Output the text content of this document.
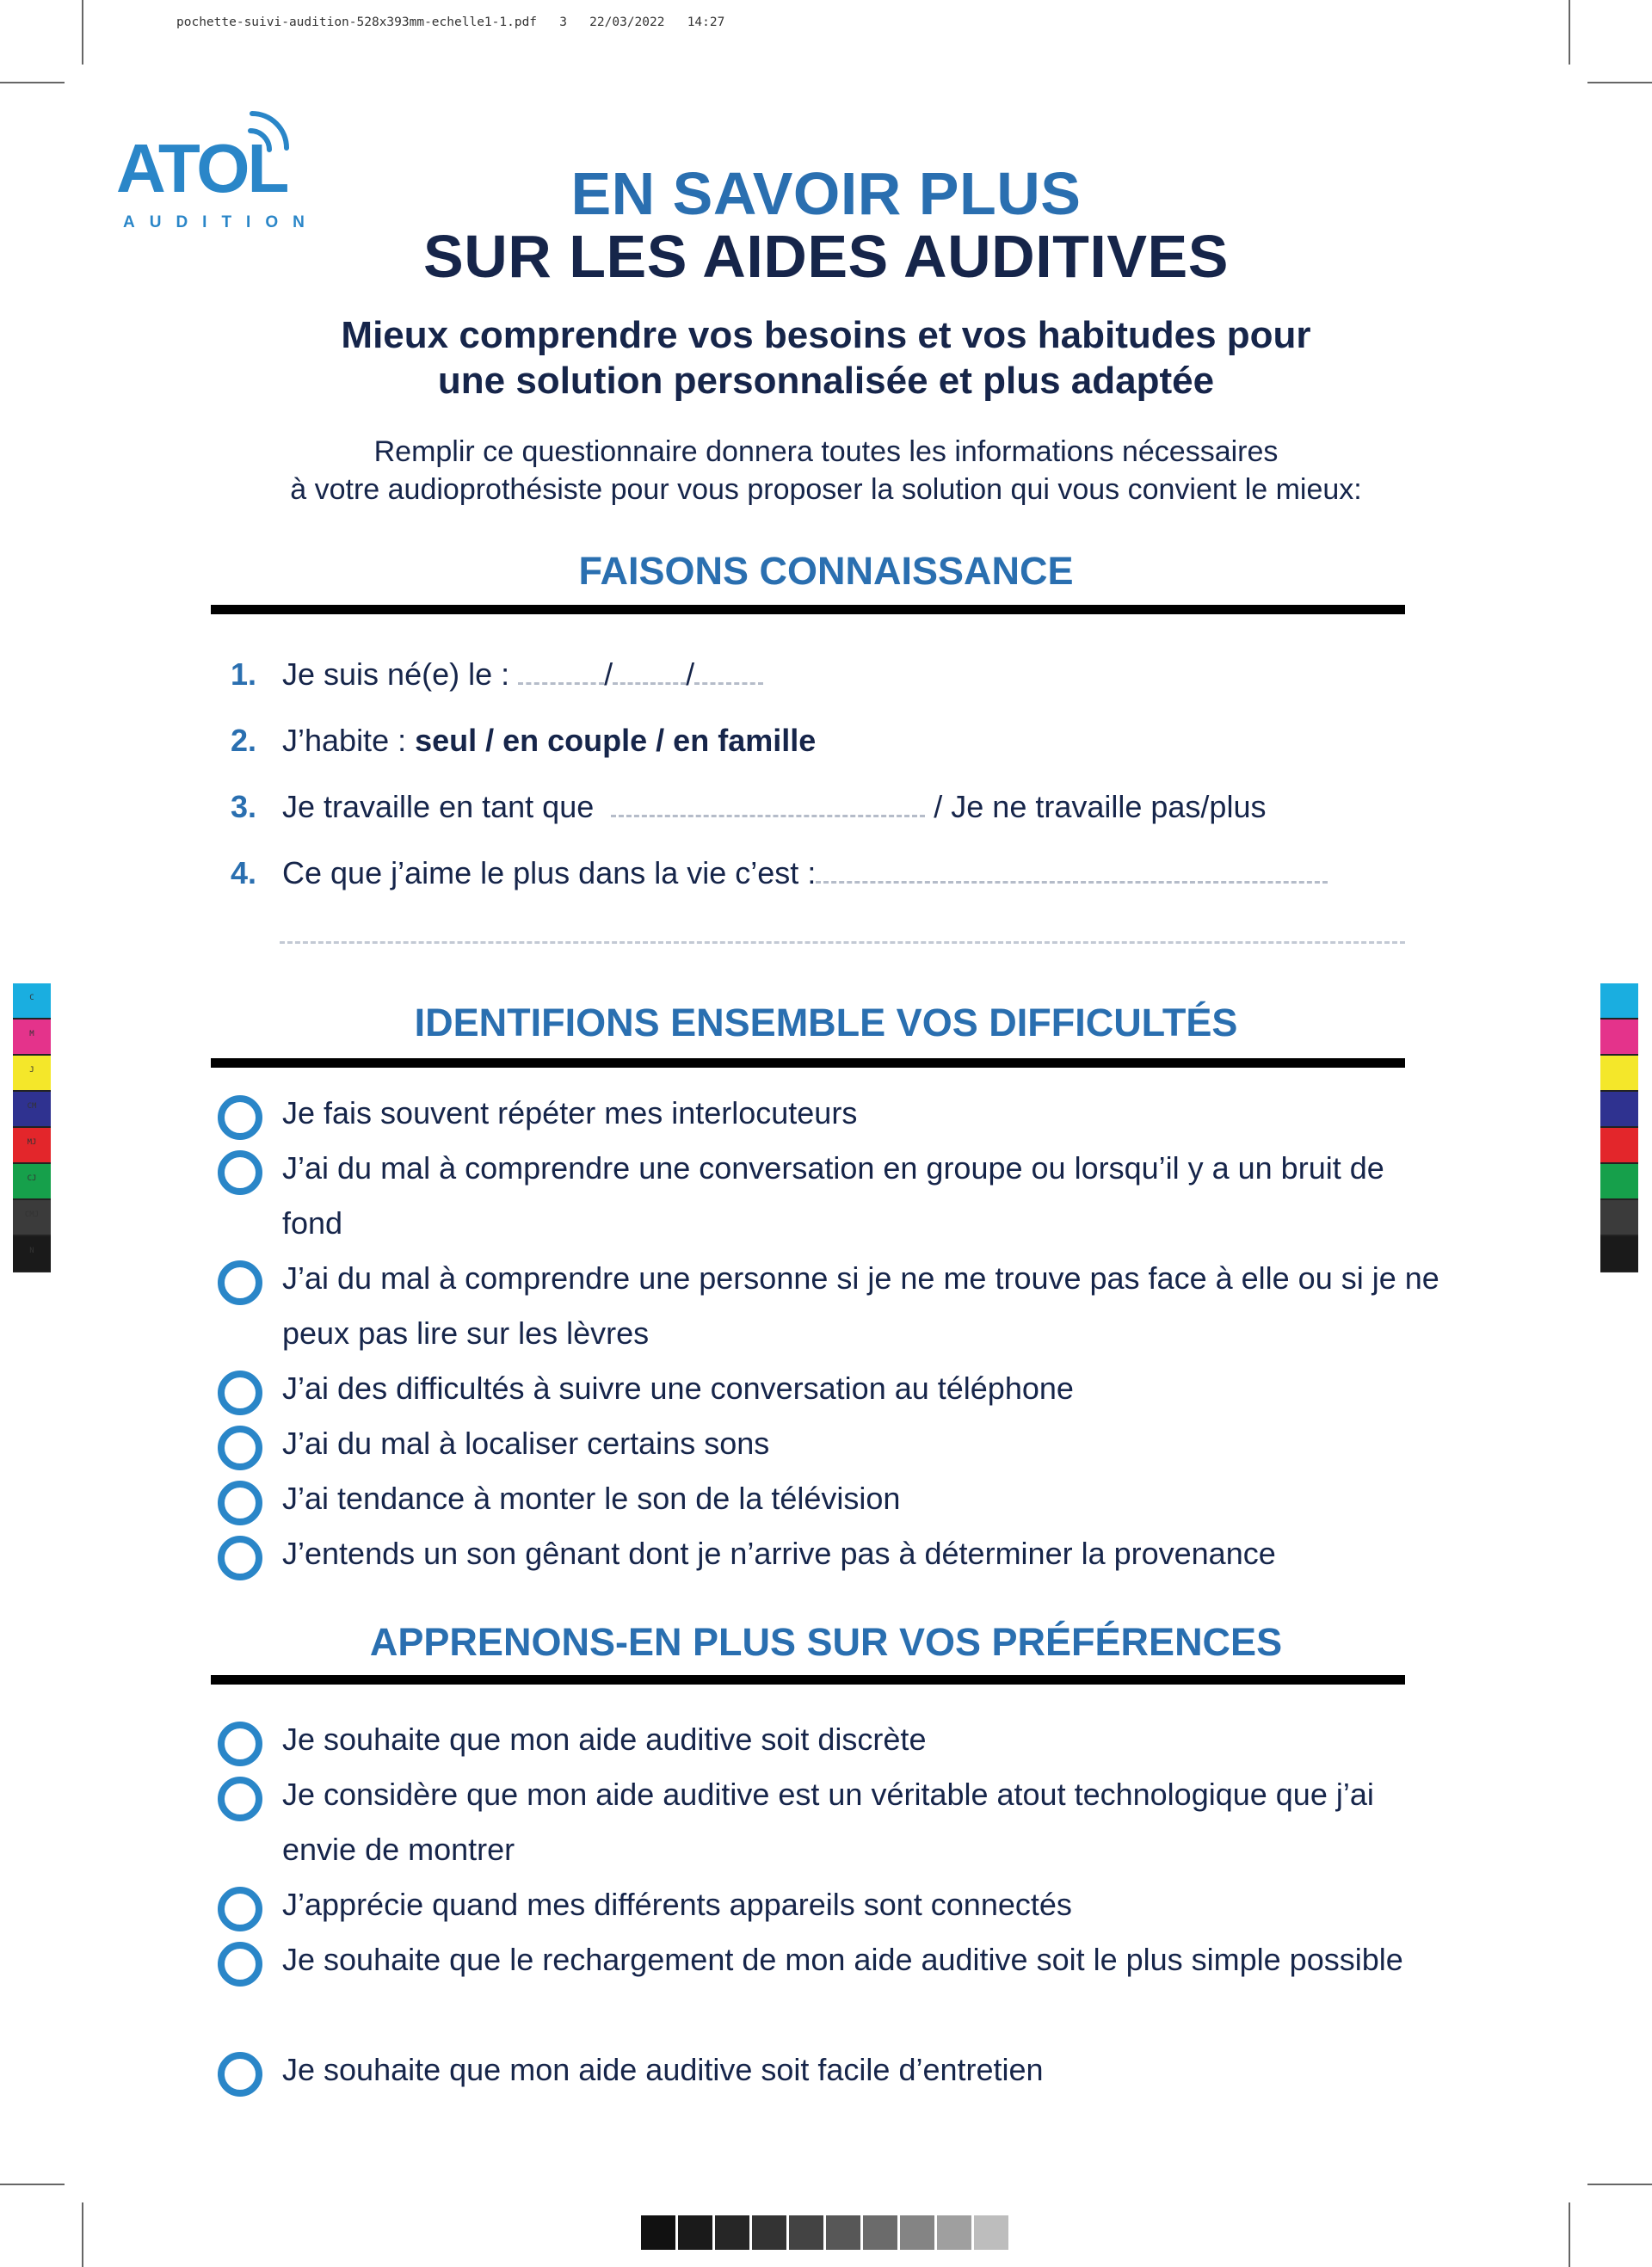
pochette-suivi-audition-528x393mm-echelle1-1.pdf 3 22/03/2022 14:27
ATOL
AUDITION	EN SAVOIR PLUS
SUR LES AIDES AUDITIVES
Mieux comprendre vos besoins et vos habitudes pour
une solution personnalisée et plus adaptée
Remplir ce questionnaire donnera toutes les informations nécessaires
à votre audioprothésiste pour vous proposer la solution qui vous convient le mieux:
FAISONS CONNAISSANCE
1. Je suis né(e) le :	/ /
2. J’habite : seul / en couple / en famille
3. Je travaille en tant que	/ Je ne travaille pas/plus
4. Ce que j’aime le plus dans la vie c’est :
IDENTIFIONS ENSEMBLE VOS DIFFICULTÉS
Je fais souvent répéter mes interlocuteurs
J’ai du mal à comprendre une conversation en groupe ou lorsqu’il y a un bruit de fond
J’ai du mal à comprendre une personne si je ne me trouve pas face à elle ou si je ne peux pas lire sur les lèvres
J’ai des difficultés à suivre une conversation au téléphone
J’ai du mal à localiser certains sons
J’ai tendance à monter le son de la télévision
J’entends un son gênant dont je n’arrive pas à déterminer la provenance
APPRENONS-EN PLUS SUR VOS PRÉFÉRENCES
Je souhaite que mon aide auditive soit discrète
Je considère que mon aide auditive est un véritable atout technologique que j’ai envie de montrer
J’apprécie quand mes différents appareils sont connectés
Je souhaite que le rechargement de mon aide auditive soit le plus simple possible
Je souhaite que mon aide auditive soit facile d’entretien
C
M
J
CM
MJ
CJ
CMJ
N
